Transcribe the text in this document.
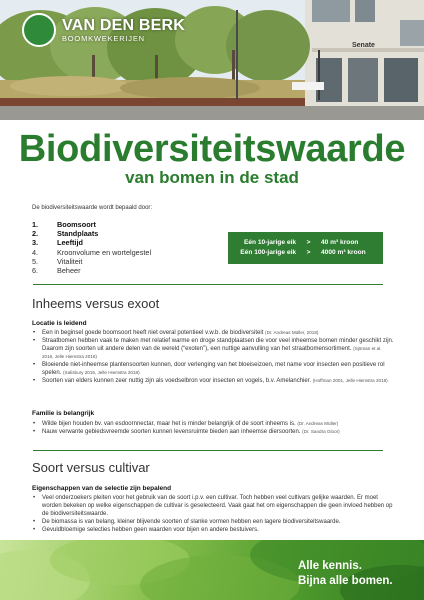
VAN DEN BERK
BOOMKWEKERIJEN
Senate
Biodiversiteitswaarde
van bomen in de stad
De biodiversiteitswaarde wordt bepaald door:
1.	Boomsoort
2.	Standplaats
3.	Leeftijd
4.	Kroonvolume en wortelgestel
5.	Vitaliteit
6.	Beheer
Eén 10-jarige eik	>	40 m³ kroon
Eén 100-jarige eik	>	4000 m³ kroon
Inheems versus exoot
Locatie is leidend
• Een in beginsel goede boomsoort heeft niet overal potentieel v.w.b. de biodiversiteit (Dr. Andreas Müller, 2018)
• Straatbomen hebben vaak te maken met relatief warme en droge standplaatsen die voor veel inheemse bomen minder geschikt zijn. Daarom zijn soorten uit andere delen van de wereld (“exoten”), een nuttige aanvulling van het straatbomensortiment. (Sjöman et al. 2016, Jelle Hiemstra 2018)
• Bloeiende niet-inheemse plantensoorten kunnen, door verlenging van het bloeiseizoen, met name voor insecten een positieve rol spelen. (Salisbury 2015, Jelle Hiemstra 2018)
• Soorten van elders kunnen zeer nuttig zijn als voedselbron voor insecten en vogels, b.v. Amelanchier. (Hoffman 2001, Jelle Hiemstra 2018)
Familie is belangrijk
• Wilde bijen houden bv. van esdoornnectar, maar het is minder belangrijk of de soort inheems is. (Dr. Andreas Müller)
• Nauw verwante gebiedsvreemde soorten kunnen levensruimte bieden aan inheemse diersoorten. (Dr. Sandra Gloor)
Soort versus cultivar
Eigenschappen van de selectie zijn bepalend
• Veel onderzoekers pleiten voor het gebruik van de soort i.p.v. een cultivar. Toch hebben veel cultivars gelijke waarden. Er moet worden bekeken op welke eigenschappen de cultivar is geselecteerd. Vaak gaat het om eigenschappen die geen invloed hebben op de biodiversiteitswaarde.
• De biomassa is van belang, kleiner blijvende soorten of slanke vormen hebben een lagere biodiversiteitswaarde.
• Gevuldbloemige selecties hebben geen waarden voor bijen en andere bestuivers.
Alle kennis.
Bijna alle bomen.
